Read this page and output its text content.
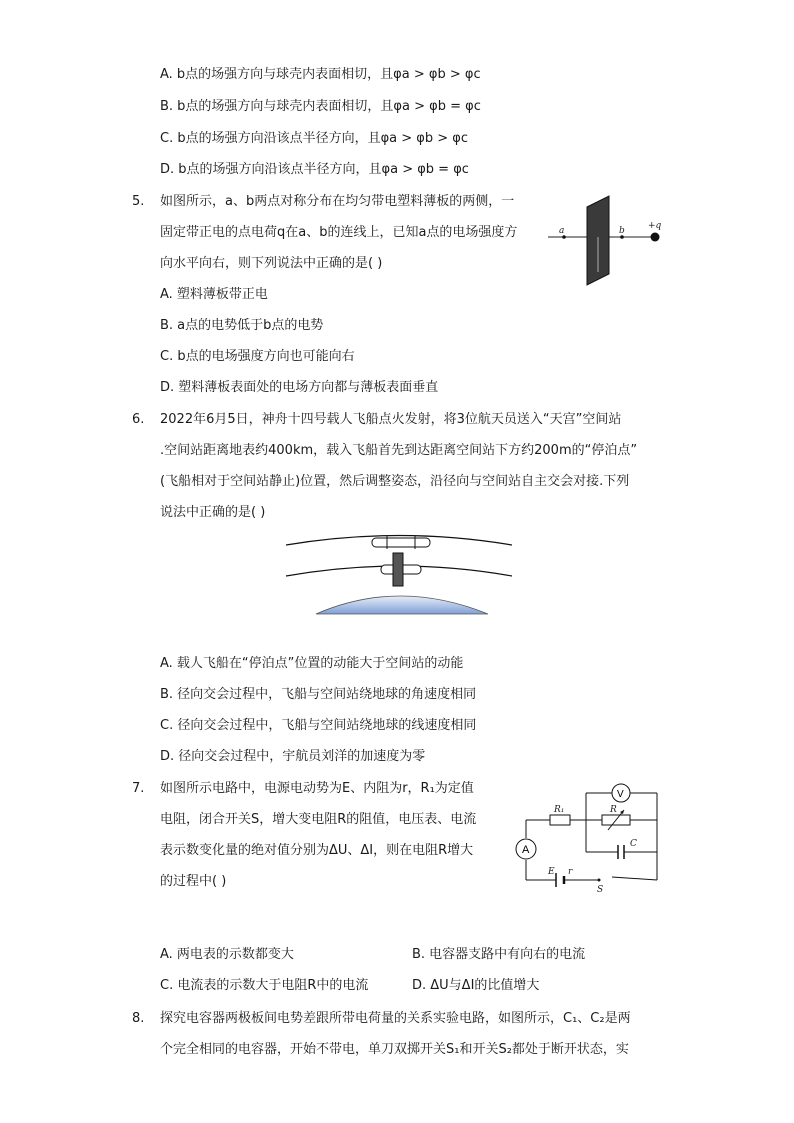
A. b点的场强方向与球壳内表面相切，且φa > φb > φc
B. b点的场强方向与球壳内表面相切，且φa > φb = φc
C. b点的场强方向沿该点半径方向，且φa > φb > φc
D. b点的场强方向沿该点半径方向，且φa > φb = φc
5. 如图所示，a、b两点对称分布在均匀带电塑料薄板的两侧，一
固定带正电的点电荷q在a、b的连线上，已知a点的电场强度方
向水平向右，则下列说法中正确的是( )
a	b	+q
A. 塑料薄板带正电
B. a点的电势低于b点的电势
C. b点的电场强度方向也可能向右
D. 塑料薄板表面处的电场方向都与薄板表面垂直
6. 2022年6月5日，神舟十四号载人飞船点火发射，将3位航天员送入“天宫”空间站
.空间站距离地表约400km，载入飞船首先到达距离空间站下方约200m的“停泊点”
(飞船相对于空间站静止)位置，然后调整姿态，沿径向与空间站自主交会对接.下列
说法中正确的是( )
A. 载人飞船在“停泊点”位置的动能大于空间站的动能
B. 径向交会过程中，飞船与空间站绕地球的角速度相同
C. 径向交会过程中，飞船与空间站绕地球的线速度相同
D. 径向交会过程中，宇航员刘洋的加速度为零
7. 如图所示电路中，电源电动势为E、内阻为r，R₁为定值
电阻，闭合开关S，增大变电阻R的阻值，电压表、电流
表示数变化量的绝对值分别为ΔU、ΔI，则在电阻R增大
的过程中( )
A
V
R₁	R
C
E r
S
A. 两电表的示数都变大	B. 电容器支路中有向右的电流
C. 电流表的示数大于电阻R中的电流	D. ΔU与ΔI的比值增大
8. 探究电容器两极板间电势差跟所带电荷量的关系实验电路，如图所示，C₁、C₂是两
个完全相同的电容器，开始不带电，单刀双掷开关S₁和开关S₂都处于断开状态，实
